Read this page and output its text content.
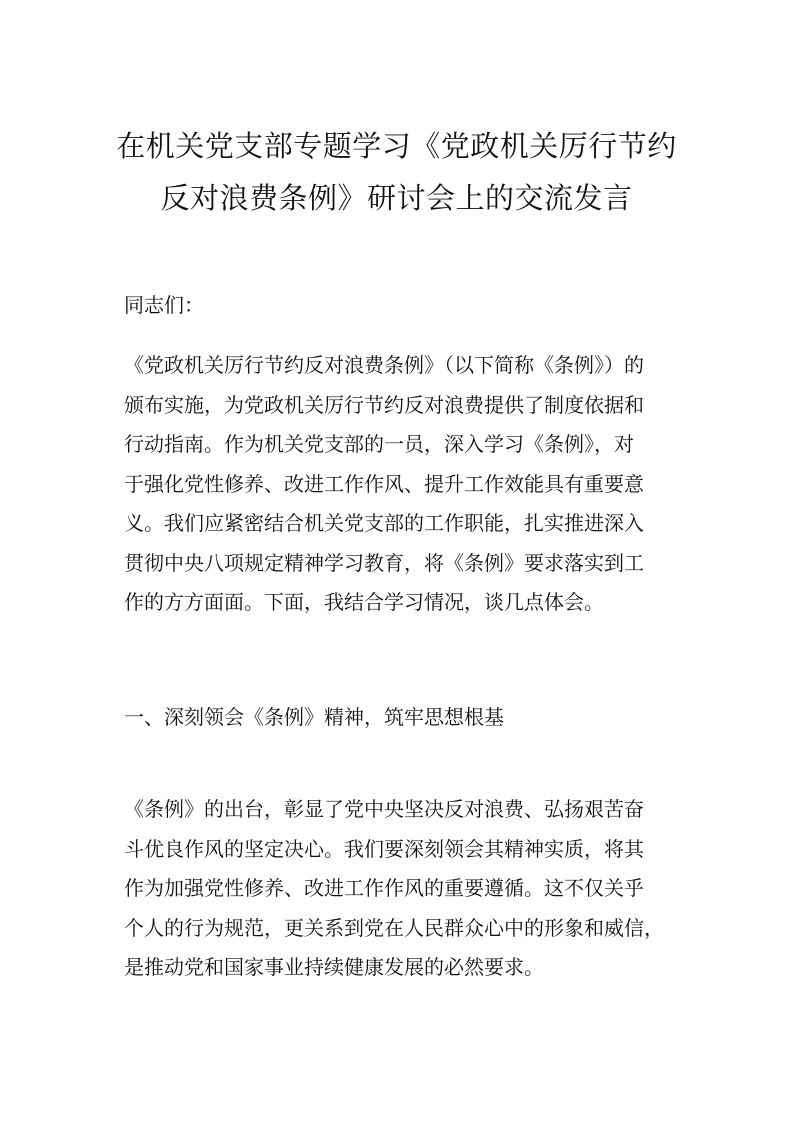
在机关党支部专题学习《党政机关厉行节约
反对浪费条例》研讨会上的交流发言

同志们：

《党政机关厉行节约反对浪费条例》（以下简称《条例》）的
颁布实施，为党政机关厉行节约反对浪费提供了制度依据和
行动指南。作为机关党支部的一员，深入学习《条例》，对
于强化党性修养、改进工作作风、提升工作效能具有重要意
义。我们应紧密结合机关党支部的工作职能，扎实推进深入
贯彻中央八项规定精神学习教育，将《条例》要求落实到工
作的方方面面。下面，我结合学习情况，谈几点体会。

一、深刻领会《条例》精神，筑牢思想根基

《条例》的出台，彰显了党中央坚决反对浪费、弘扬艰苦奋
斗优良作风的坚定决心。我们要深刻领会其精神实质，将其
作为加强党性修养、改进工作作风的重要遵循。这不仅关乎
个人的行为规范，更关系到党在人民群众心中的形象和威信，
是推动党和国家事业持续健康发展的必然要求。
